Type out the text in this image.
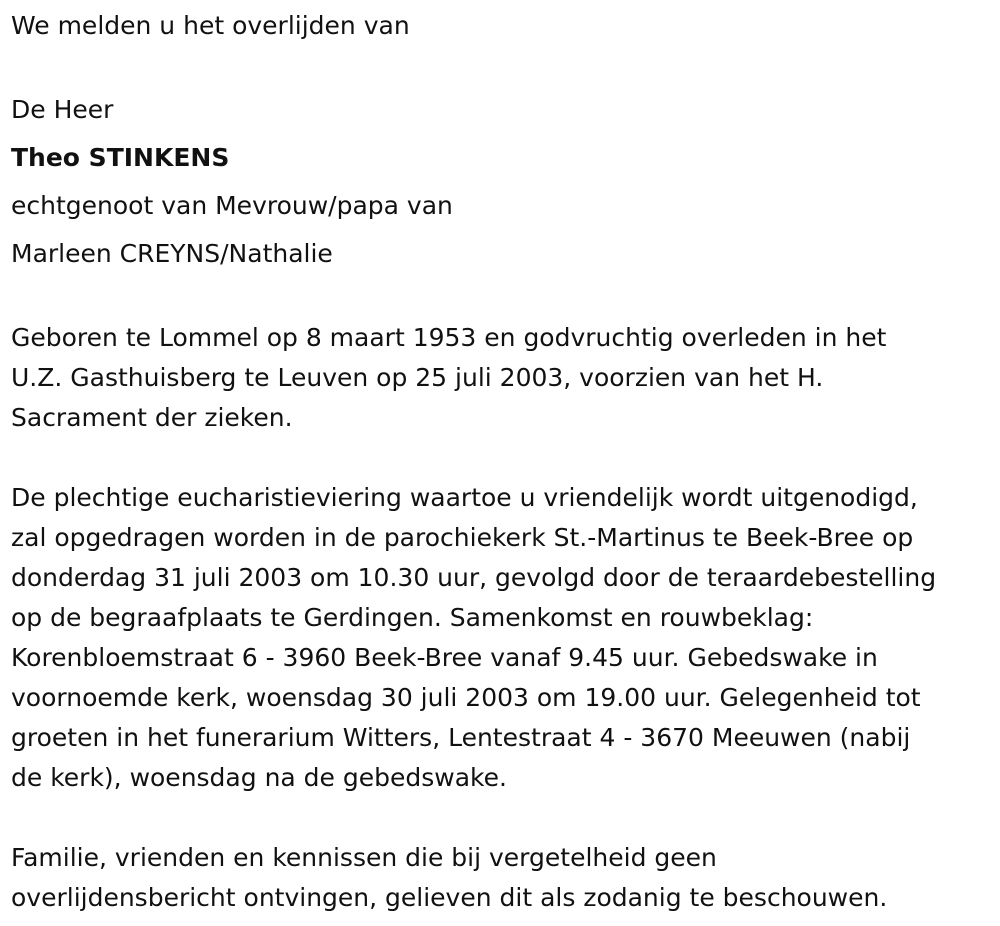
We melden u het overlijden van

De Heer

Theo STINKENS

echtgenoot van Mevrouw/papa van

Marleen CREYNS/Nathalie

Geboren te Lommel op 8 maart 1953 en godvruchtig overleden in het
U.Z. Gasthuisberg te Leuven op 25 juli 2003, voorzien van het H.
Sacrament der zieken.
De plechtige eucharistieviering waartoe u vriendelijk wordt uitgenodigd,
zal opgedragen worden in de parochiekerk St.-Martinus te Beek-Bree op
donderdag 31 juli 2003 om 10.30 uur, gevolgd door de teraardebestelling
op de begraafplaats te Gerdingen. Samenkomst en rouwbeklag:
Korenbloemstraat 6 - 3960 Beek-Bree vanaf 9.45 uur. Gebedswake in
voornoemde kerk, woensdag 30 juli 2003 om 19.00 uur. Gelegenheid tot
groeten in het funerarium Witters, Lentestraat 4 - 3670 Meeuwen (nabij
de kerk), woensdag na de gebedswake.
Familie, vrienden en kennissen die bij vergetelheid geen
overlijdensbericht ontvingen, gelieven dit als zodanig te beschouwen.
